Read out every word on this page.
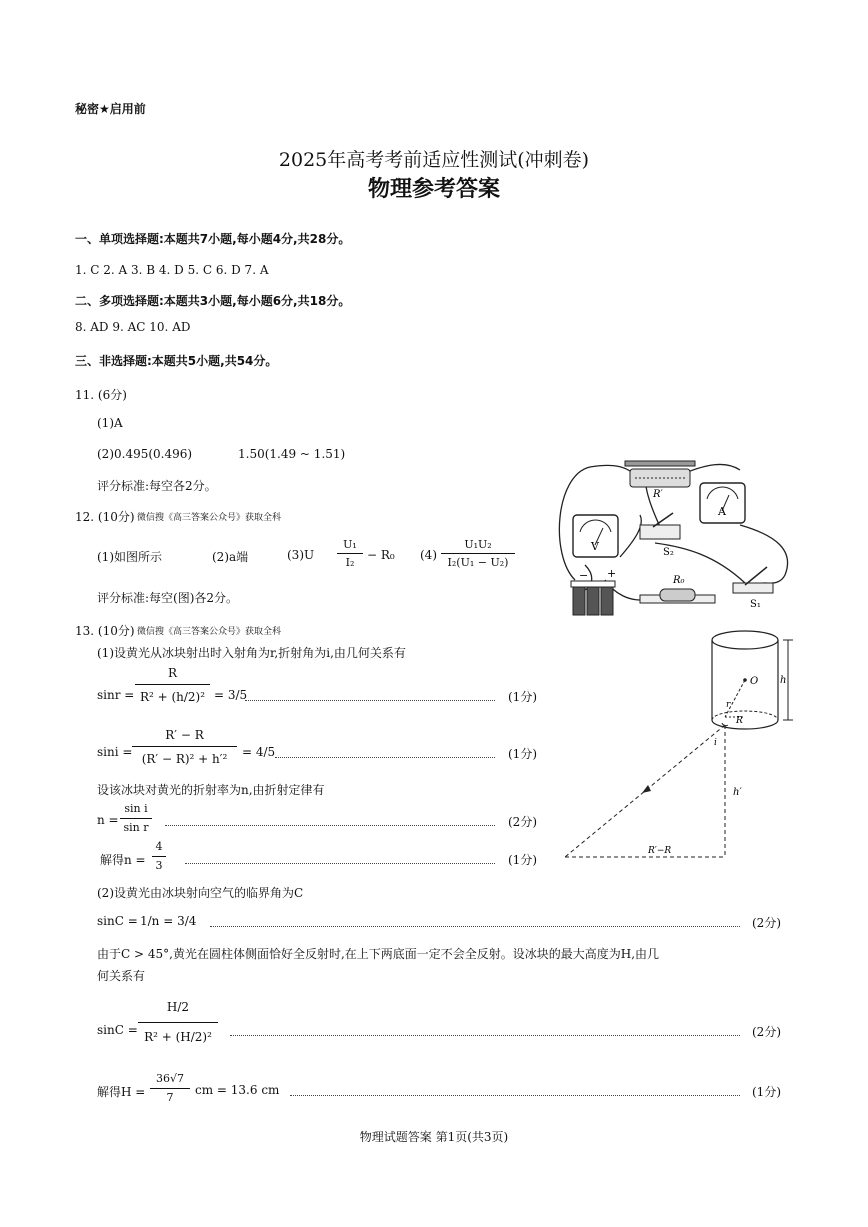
秘密★启用前
2025年高考考前适应性测试(冲刺卷)
物理参考答案
一、单项选择题:本题共7小题,每小题4分,共28分。
1. C 2. A 3. B 4. D 5. C 6. D 7. A
二、多项选择题:本题共3小题,每小题6分,共18分。
8. AD 9. AC 10. AD
三、非选择题:本题共5小题,共54分。
11. (6分)
(1)A
(2)0.495(0.496)	1.50(1.49 ~ 1.51)
评分标准:每空各2分。
12. (10分) 微信搜《高三答案公众号》获取全科
(1)如图所示	(2)a端	(3)U
U₁
I₂
− R₀ (4)
U₁U₂
I₂(U₁ − U₂)
评分标准:每空(图)各2分。
R′
A
V	S₂
− +
R₀
S₁
13. (10分) 微信搜《高三答案公众号》获取全科
(1)设黄光从冰块射出时入射角为r,折射角为i,由几何关系有
sinr =
R
R² + (h/2)² = 3/5	(1分)
sini =
R′ − R
(R′ − R)² + h′²	= 4/5	(1分)
设该冰块对黄光的折射率为n,由折射定律有
n =
sin i
sin r	(2分)
解得n =
4
3	(1分)
(2)设黄光由冰块射向空气的临界角为C
sinC = 1/n = 3/4	(2分)
由于C > 45°,黄光在圆柱体侧面恰好全反射时,在上下两底面一定不会全反射。设冰块的最大高度为H,由几
何关系有
sinC =
H/2
R² + (H/2)²	(2分)
解得H =
36√7
7
cm = 13.6 cm	(1分)
h
O
r
R
i
h′
R′−R
物理试题答案 第1页(共3页)
